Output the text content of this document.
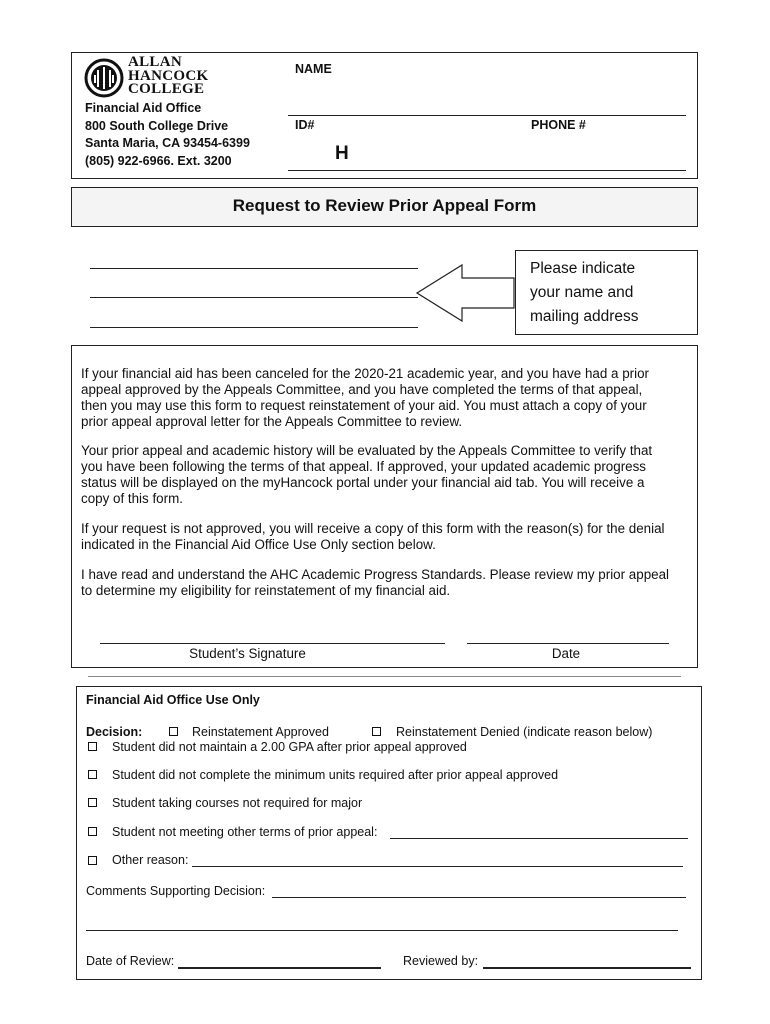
ALLAN
HANCOCK
COLLEGE
Financial Aid Office
800 South College Drive
Santa Maria, CA 93454-6399
(805) 922-6966. Ext. 3200
NAME
ID#	PHONE #
H
Request to Review Prior Appeal Form
Please indicate
your name and
mailing address
If your financial aid has been canceled for the 2020-21 academic year, and you have had a prior
appeal approved by the Appeals Committee, and you have completed the terms of that appeal,
then you may use this form to request reinstatement of your aid. You must attach a copy of your
prior appeal approval letter for the Appeals Committee to review.
Your prior appeal and academic history will be evaluated by the Appeals Committee to verify that
you have been following the terms of that appeal. If approved, your updated academic progress
status will be displayed on the myHancock portal under your financial aid tab. You will receive a
copy of this form.
If your request is not approved, you will receive a copy of this form with the reason(s) for the denial
indicated in the Financial Aid Office Use Only section below.
I have read and understand the AHC Academic Progress Standards. Please review my prior appeal
to determine my eligibility for reinstatement of my financial aid.
Student’s Signature	Date
Financial Aid Office Use Only
Decision:	Reinstatement Approved	Reinstatement Denied (indicate reason below)
Student did not maintain a 2.00 GPA after prior appeal approved
Student did not complete the minimum units required after prior appeal approved
Student taking courses not required for major
Student not meeting other terms of prior appeal:
Other reason:
Comments Supporting Decision:
Date of Review:	Reviewed by:
